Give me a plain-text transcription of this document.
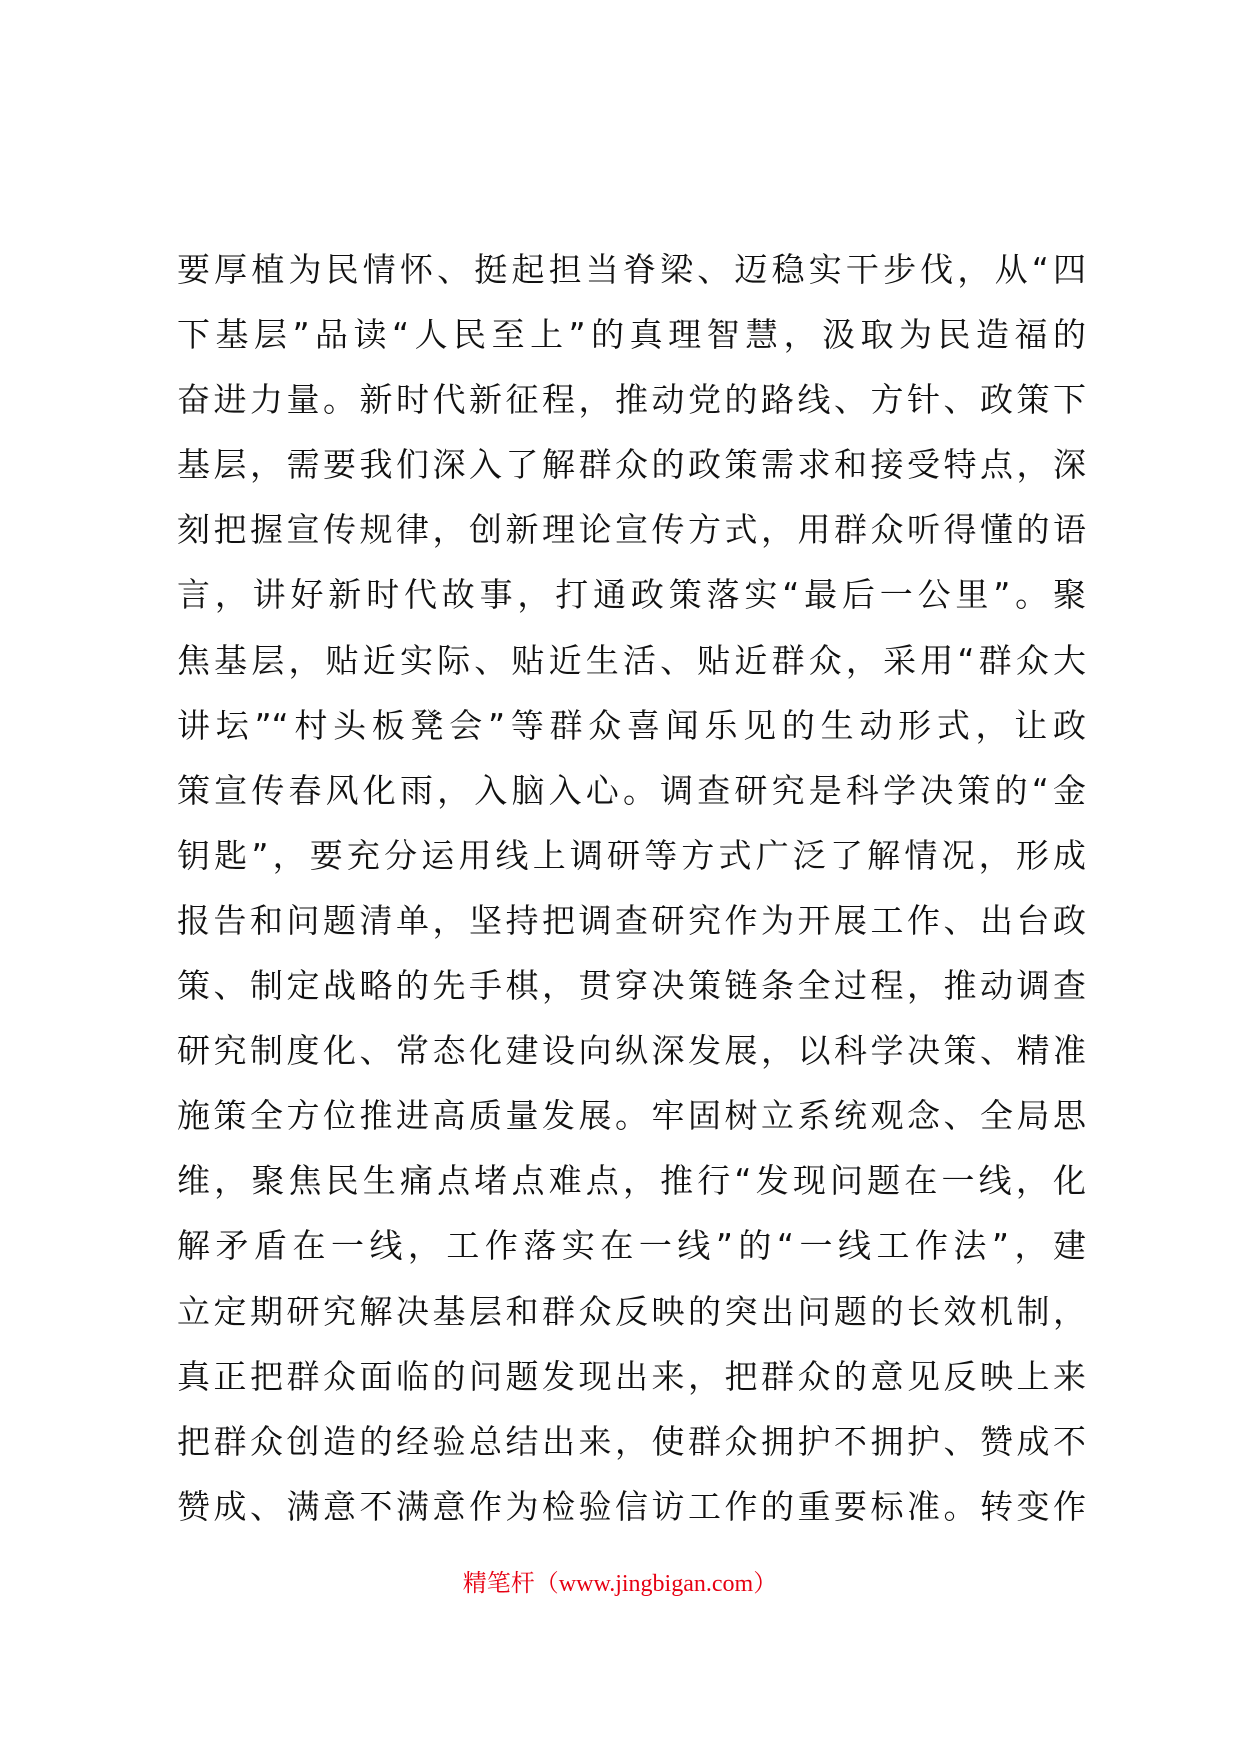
要厚植为民情怀、挺起担当脊梁、迈稳实干步伐，从“四
下基层”品读“人民至上”的真理智慧，汲取为民造福的
奋进力量。新时代新征程，推动党的路线、方针、政策下
基层，需要我们深入了解群众的政策需求和接受特点，深
刻把握宣传规律，创新理论宣传方式，用群众听得懂的语
言，讲好新时代故事，打通政策落实“最后一公里”。聚
焦基层，贴近实际、贴近生活、贴近群众，采用“群众大
讲坛”“村头板凳会”等群众喜闻乐见的生动形式，让政
策宣传春风化雨，入脑入心。调查研究是科学决策的“金
钥匙”，要充分运用线上调研等方式广泛了解情况，形成
报告和问题清单，坚持把调查研究作为开展工作、出台政
策、制定战略的先手棋，贯穿决策链条全过程，推动调查
研究制度化、常态化建设向纵深发展，以科学决策、精准
施策全方位推进高质量发展。牢固树立系统观念、全局思
维，聚焦民生痛点堵点难点，推行“发现问题在一线，化
解矛盾在一线，工作落实在一线”的“一线工作法”，建
立定期研究解决基层和群众反映的突出问题的长效机制，
真正把群众面临的问题发现出来，把群众的意见反映上来
把群众创造的经验总结出来，使群众拥护不拥护、赞成不
赞成、满意不满意作为检验信访工作的重要标准。转变作
精笔杆（www.jingbigan.com）
